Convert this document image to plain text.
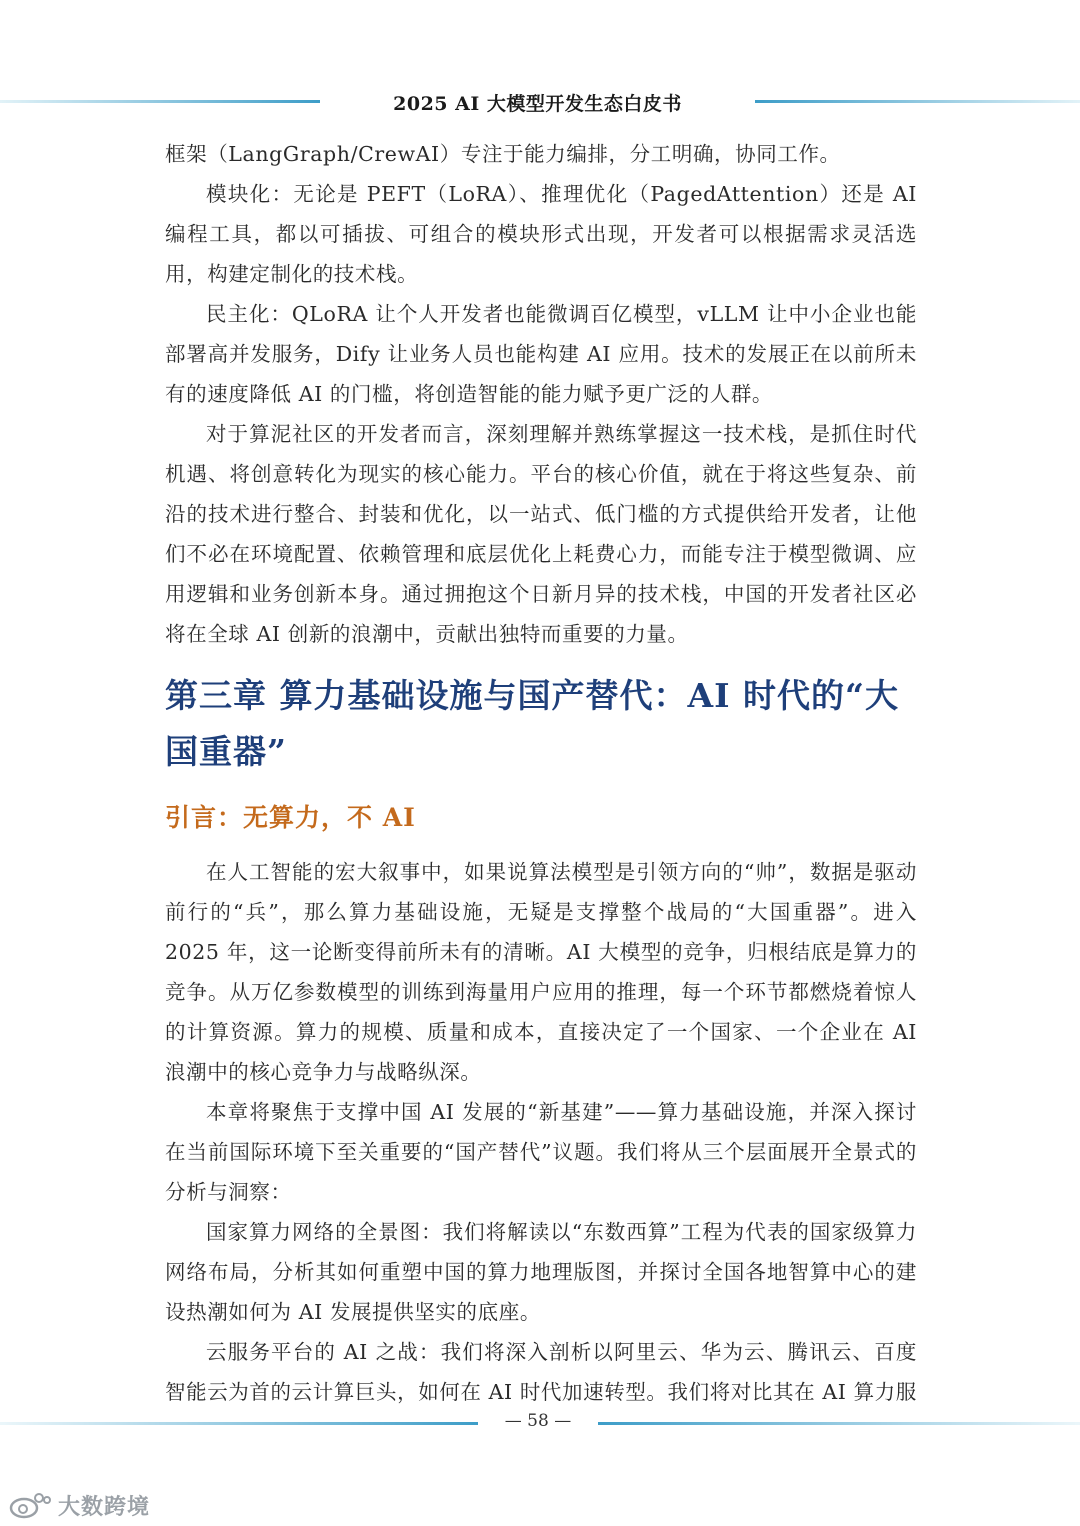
2025 AI 大模型开发生态白皮书

框架（LangGraph/CrewAI）专注于能力编排，分工明确，协同工作。

模块化：无论是 PEFT（LoRA）、推理优化（PagedAttention）还是 AI 编程工具，都以可插拔、可组合的模块形式出现，开发者可以根据需求灵活选用，构建定制化的技术栈。

民主化：QLoRA 让个人开发者也能微调百亿模型，vLLM 让中小企业也能部署高并发服务，Dify 让业务人员也能构建 AI 应用。技术的发展正在以前所未有的速度降低 AI 的门槛，将创造智能的能力赋予更广泛的人群。

对于算泥社区的开发者而言，深刻理解并熟练掌握这一技术栈，是抓住时代机遇、将创意转化为现实的核心能力。平台的核心价值，就在于将这些复杂、前沿的技术进行整合、封装和优化，以一站式、低门槛的方式提供给开发者，让他们不必在环境配置、依赖管理和底层优化上耗费心力，而能专注于模型微调、应用逻辑和业务创新本身。通过拥抱这个日新月异的技术栈，中国的开发者社区必将在全球 AI 创新的浪潮中，贡献出独特而重要的力量。

第三章 算力基础设施与国产替代：AI 时代的“大国重器”
引言：无算力，不 AI

在人工智能的宏大叙事中，如果说算法模型是引领方向的“帅”，数据是驱动前行的“兵”，那么算力基础设施，无疑是支撑整个战局的“大国重器”。进入 2025 年，这一论断变得前所未有的清晰。AI 大模型的竞争，归根结底是算力的竞争。从万亿参数模型的训练到海量用户应用的推理，每一个环节都燃烧着惊人的计算资源。算力的规模、质量和成本，直接决定了一个国家、一个企业在 AI 浪潮中的核心竞争力与战略纵深。

本章将聚焦于支撑中国 AI 发展的“新基建”——算力基础设施，并深入探讨在当前国际环境下至关重要的“国产替代”议题。我们将从三个层面展开全景式的分析与洞察：

国家算力网络的全景图：我们将解读以“东数西算”工程为代表的国家级算力网络布局，分析其如何重塑中国的算力地理版图，并探讨全国各地智算中心的建设热潮如何为 AI 发展提供坚实的底座。

云服务平台的 AI 之战：我们将深入剖析以阿里云、华为云、腾讯云、百度智能云为首的云计算巨头，如何在 AI 时代加速转型。我们将对比其在 AI 算力服

— 58 —
大数跨境
